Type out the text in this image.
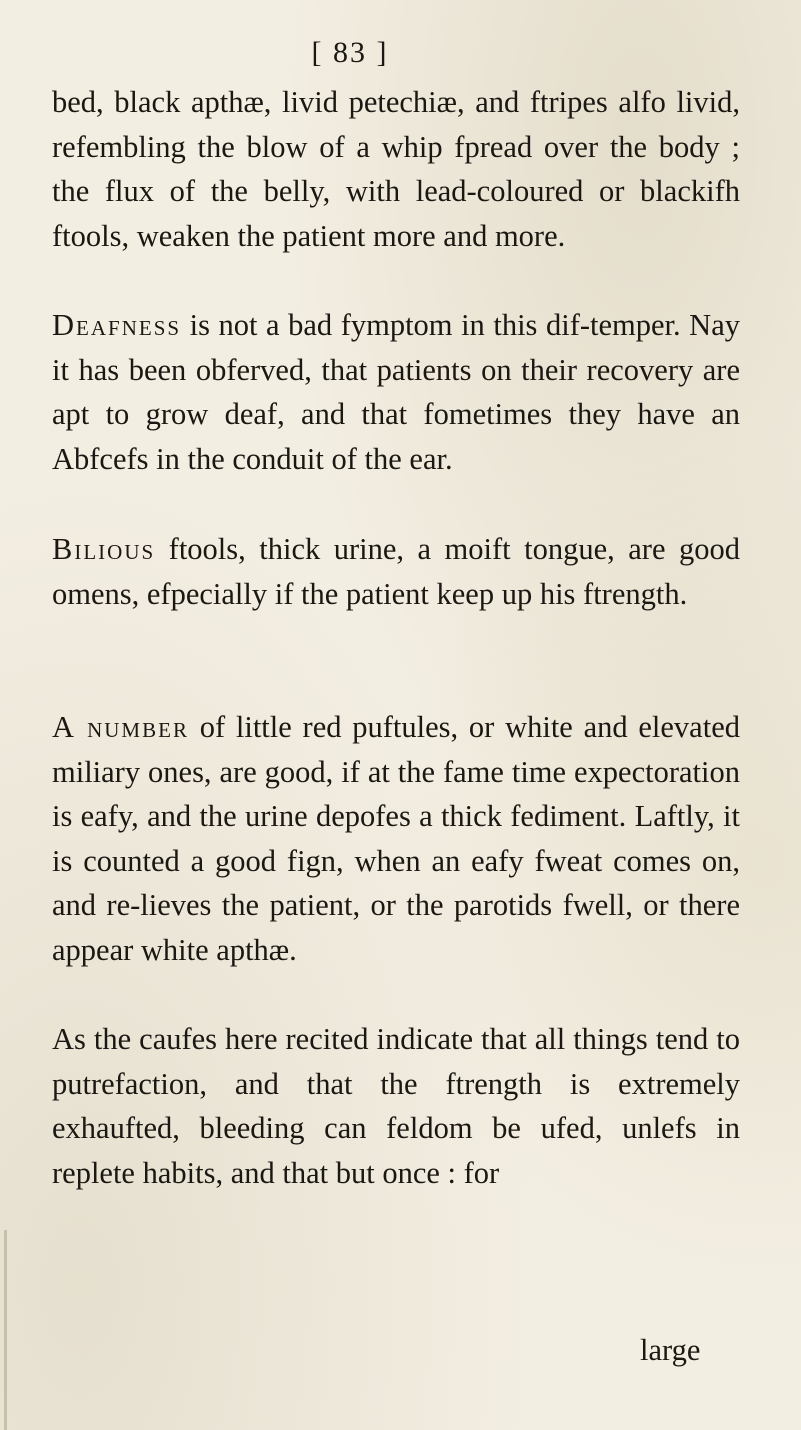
[ 83 ]

bed, black apthæ, livid petechiæ, and ftripes alfo livid, refembling the blow of a whip fpread over the body ; the flux of the belly, with lead-coloured or blackifh ftools, weaken the patient more and more.

Deafness is not a bad fymptom in this dif-temper. Nay it has been obferved, that patients on their recovery are apt to grow deaf, and that fometimes they have an Abfcefs in the conduit of the ear.

Bilious ftools, thick urine, a moift tongue, are good omens, efpecially if the patient keep up his ftrength.

A number of little red puftules, or white and elevated miliary ones, are good, if at the fame time expectoration is eafy, and the urine depofes a thick fediment. Laftly, it is counted a good fign, when an eafy fweat comes on, and re-lieves the patient, or the parotids fwell, or there appear white apthæ.

As the caufes here recited indicate that all things tend to putrefaction, and that the ftrength is extremely exhaufted, bleeding can feldom be ufed, unlefs in replete habits, and that but once : for

large
